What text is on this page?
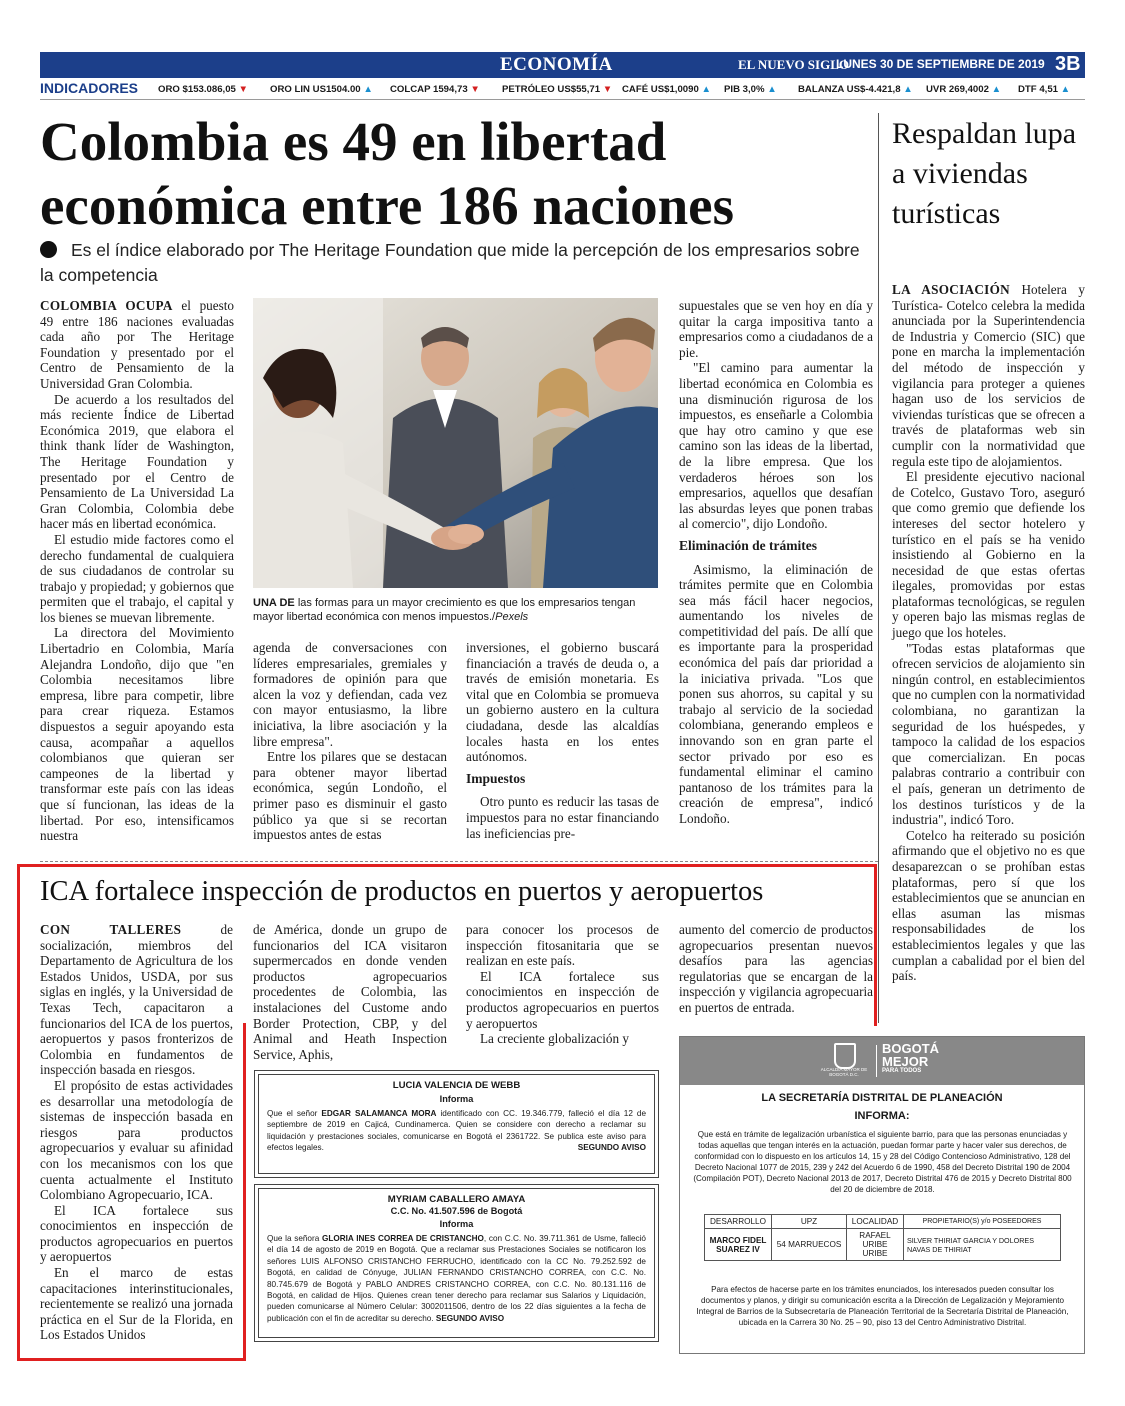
ECONOMÍA	EL NUEVO SIGLO
LUNES 30 DE SEPTIEMBRE DE 2019 3B
INDICADORES ORO $153.086,05 ▼ ORO LIN US1504.00 ▲ COLCAP 1594,73 ▼ PETRÓLEO US$55,71 ▼ CAFÉ US$1,0090 ▲ PIB 3,0% ▲ BALANZA US$-4.421,8 ▲ UVR 269,4002 ▲ DTF 4,51 ▲
Colombia es 49 en libertad económica entre 186 naciones
Es el índice elaborado por The Heritage Foundation que mide la percepción de los empresarios sobre la competencia

COLOMBIA OCUPA el puesto 49 entre 186 naciones evaluadas cada año por The Heritage Foundation y presentado por el Centro de Pensamiento de la Universidad Gran Colombia.

De acuerdo a los resultados del más reciente Índice de Libertad Económica 2019, que elabora el think thank líder de Washington, The Heritage Foundation y presentado por el Centro de Pensamiento de La Universidad La Gran Colombia, Colombia debe hacer más en libertad económica.

El estudio mide factores como el derecho fundamental de cualquiera de sus ciudadanos de controlar su trabajo y propiedad; y gobiernos que permiten que el trabajo, el capital y los bienes se muevan libremente.

La directora del Movimiento Libertadrio en Colombia, María Alejandra Londoño, dijo que "en Colombia necesitamos libre empresa, libre para competir, libre para crear riqueza. Estamos dispuestos a seguir apoyando esta causa, acompañar a aquellos colombianos que quieran ser campeones de la libertad y transformar este país con las ideas que sí funcionan, las ideas de la libertad. Por eso, intensificamos nuestra

UNA DE las formas para un mayor crecimiento es que los empresarios tengan mayor libertad económica con menos impuestos./Pexels

agenda de conversaciones con líderes empresariales, gremiales y formadores de opinión para que alcen la voz y defiendan, cada vez con mayor entusiasmo, la libre iniciativa, la libre asociación y la libre empresa".

Entre los pilares que se destacan para obtener mayor libertad económica, según Londoño, el primer paso es disminuir el gasto público ya que si se recortan impuestos antes de estas

inversiones, el gobierno buscará financiación a través de deuda o, a través de emisión monetaria. Es vital que en Colombia se promueva un gobierno austero en la cultura ciudadana, desde las alcaldías locales hasta en los entes autónomos.

Impuestos

Otro punto es reducir las tasas de impuestos para no estar financiando las ineficiencias pre-

supuestales que se ven hoy en día y quitar la carga impositiva tanto a empresarios como a ciudadanos de a pie.

"El camino para aumentar la libertad económica en Colombia es una disminución rigurosa de los impuestos, es enseñarle a Colombia que hay otro camino y que ese camino son las ideas de la libertad, de la libre empresa. Que los verdaderos héroes son los empresarios, aquellos que desafían las absurdas leyes que ponen trabas al comercio", dijo Londoño.

Eliminación de trámites

Asimismo, la eliminación de trámites permite que en Colombia sea más fácil hacer negocios, aumentando los niveles de competitividad del país. De allí que es importante para la prosperidad económica del país dar prioridad a la iniciativa privada. "Los que ponen sus ahorros, su capital y su trabajo al servicio de la sociedad colombiana, generando empleos e innovando son en gran parte el sector privado por eso es fundamental eliminar el camino pantanoso de los trámites para la creación de empresa", indicó Londoño.

Respaldan lupa a viviendas turísticas

LA ASOCIACIÓN Hotelera y Turística- Cotelco celebra la medida anunciada por la Superintendencia de Industria y Comercio (SIC) que pone en marcha la implementación del método de inspección y vigilancia para proteger a quienes hagan uso de los servicios de viviendas turísticas que se ofrecen a través de plataformas web sin cumplir con la normatividad que regula este tipo de alojamientos.

El presidente ejecutivo nacional de Cotelco, Gustavo Toro, aseguró que como gremio que defiende los intereses del sector hotelero y turístico en el país se ha venido insistiendo al Gobierno en la necesidad de que estas ofertas ilegales, promovidas por estas plataformas tecnológicas, se regulen y operen bajo las mismas reglas de juego que los hoteles.

"Todas estas plataformas que ofrecen servicios de alojamiento sin ningún control, en establecimientos que no cumplen con la normatividad colombiana, no garantizan la seguridad de los huéspedes, y tampoco la calidad de los espacios que comercializan. En pocas palabras contrario a contribuir con el país, generan un detrimento de los destinos turísticos y de la industria", indicó Toro.

Cotelco ha reiterado su posición afirmando que el objetivo no es que desaparezcan o se prohíban estas plataformas, pero sí que los establecimientos que se anuncian en ellas asuman las mismas responsabilidades de los establecimientos legales y que las cumplan a cabalidad por el bien del país.

ICA fortalece inspección de productos en puertos y aeropuertos

CON TALLERES de socialización, miembros del Departamento de Agricultura de los Estados Unidos, USDA, por sus siglas en inglés, y la Universidad de Texas Tech, capacitaron a funcionarios del ICA de los puertos, aeropuertos y pasos fronterizos de Colombia en fundamentos de inspección basada en riesgos.

El propósito de estas actividades es desarrollar una metodología de sistemas de inspección basada en riesgos para productos agropecuarios y evaluar su afinidad con los mecanismos con los que cuenta actualmente el Instituto Colombiano Agropecuario, ICA.

El ICA fortalece sus conocimientos en inspección de productos agropecuarios en puertos y aeropuertos

En el marco de estas capacitaciones interinstitucionales, recientemente se realizó una jornada práctica en el Sur de la Florida, en Los Estados Unidos

de América, donde un grupo de funcionarios del ICA visitaron supermercados en donde venden productos agropecuarios procedentes de Colombia, las instalaciones del Custome ando Border Protection, CBP, y del Animal and Heath Inspection Service, Aphis,

para conocer los procesos de inspección fitosanitaria que se realizan en este país.

El ICA fortalece sus conocimientos en inspección de productos agropecuarios en puertos y aeropuertos

La creciente globalización y

aumento del comercio de productos agropecuarios presentan nuevos desafíos para las agencias regulatorias que se encargan de la inspección y vigilancia agropecuaria en puertos de entrada.

LUCIA VALENCIA DE WEBB
Informa
Que el señor EDGAR SALAMANCA MORA identificado con CC. 19.346.779, falleció el día 12 de septiembre de 2019 en Cajicá, Cundinamerca. Quien se considere con derecho a reclamar su liquidación y prestaciones sociales, comunicarse en Bogotá el 2361722. Se publica este aviso para efectos legales.	SEGUNDO AVISO
MYRIAM CABALLERO AMAYA
C.C. No. 41.507.596 de Bogotá
Informa
Que la señora GLORIA INES CORREA DE CRISTANCHO, con C.C. No. 39.711.361 de Usme, falleció el día 14 de agosto de 2019 en Bogotá. Que a reclamar sus Prestaciones Sociales se notificaron los señores LUIS ALFONSO CRISTANCHO FERRUCHO, identificado con la CC No. 79.252.592 de Bogotá, en calidad de Cónyuge, JULIAN FERNANDO CRISTANCHO CORREA, con C.C. No. 80.745.679 de Bogotá y PABLO ANDRES CRISTANCHO CORREA, con C.C. No. 80.131.116 de Bogotá, en calidad de Hijos. Quienes crean tener derecho para reclamar sus Salarios y Liquidación, pueden comunicarse al Número Celular: 3002011506, dentro de los 22 días siguientes a la fecha de publicación con el fin de acreditar su derecho. SEGUNDO AVISO
ALCALDÍA MAYOR DE BOGOTÁ D.C.
BOGOTÁ
MEJOR
PARA TODOS
LA SECRETARÍA DISTRITAL DE PLANEACIÓN
INFORMA:
Que está en trámite de legalización urbanística el siguiente barrio, para que las personas enunciadas y todas aquellas que tengan interés en la actuación, puedan formar parte y hacer valer sus derechos, de conformidad con lo dispuesto en los artículos 14, 15 y 28 del Código Contencioso Administrativo, 128 del Decreto Nacional 1077 de 2015, 239 y 242 del Acuerdo 6 de 1990, 458 del Decreto Distrital 190 de 2004 (Compilación POT), Decreto Nacional 2013 de 2017, Decreto Distrital 476 de 2015 y Decreto Distrital 800 del 20 de diciembre de 2018.
DESARROLLO	UPZ	LOCALIDAD	PROPIETARIO(S) y/o POSEEDORES
MARCO FIDEL SUAREZ IV	54 MARRUECOS	RAFAEL URIBE URIBE	SILVER THIRIAT GARCIA Y DOLORES NAVAS DE THIRIAT
Para efectos de hacerse parte en los trámites enunciados, los interesados pueden consultar los documentos y planos, y dirigir su comunicación escrita a la Dirección de Legalización y Mejoramiento Integral de Barrios de la Subsecretaría de Planeación Territorial de la Secretaría Distrital de Planeación, ubicada en la Carrera 30 No. 25 – 90, piso 13 del Centro Administrativo Distrital.
